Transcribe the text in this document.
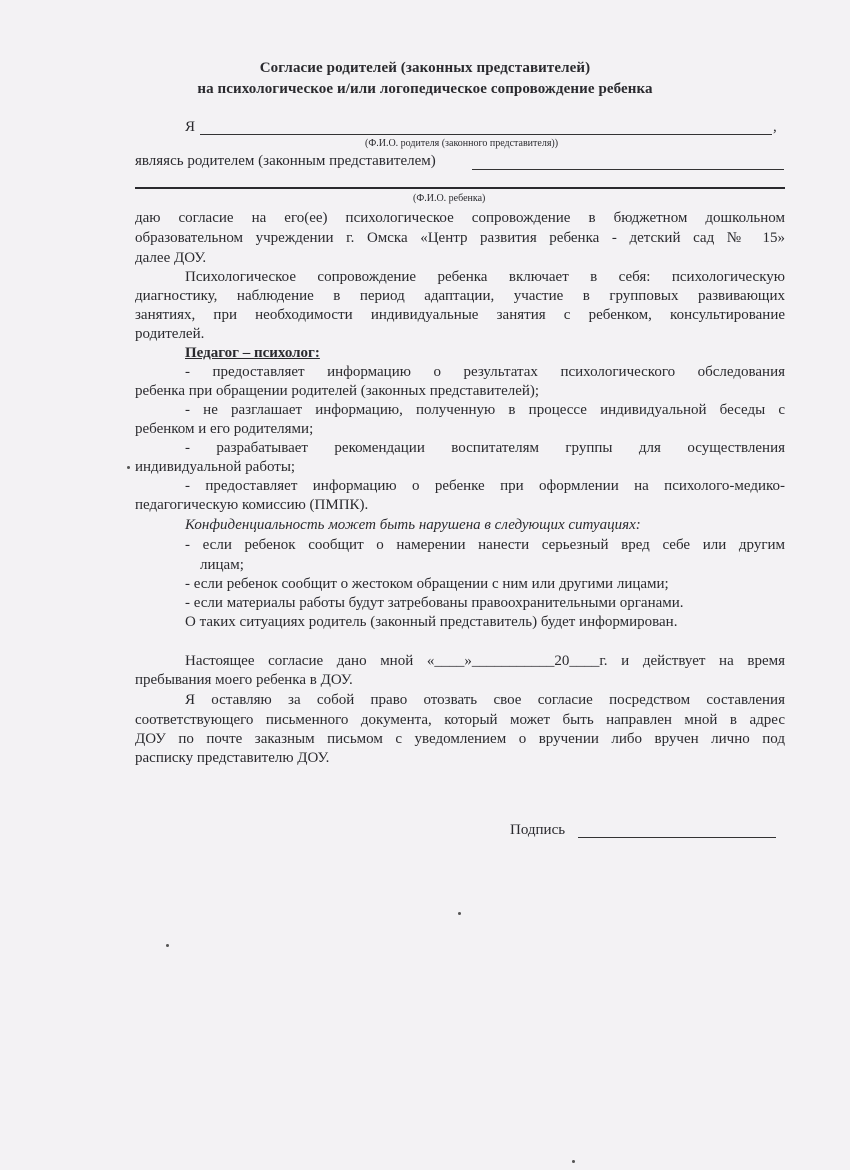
Согласие родителей (законных представителей)
на психологическое и/или логопедическое сопровождение ребенка
Я	,
(Ф.И.О. родителя (законного представителя))
являясь родителем (законным представителем)
(Ф.И.О. ребенка)
даю согласие на его(ее) психологическое сопровождение в бюджетном дошкольном
образовательном учреждении г. Омска «Центр развития ребенка - детский сад № 15»
далее ДОУ.
Психологическое сопровождение ребенка включает в себя: психологическую
диагностику, наблюдение в период адаптации, участие в групповых развивающих
занятиях, при необходимости индивидуальные занятия с ребенком, консультирование
родителей.
Педагог – психолог:
- предоставляет информацию о результатах психологического обследования
ребенка при обращении родителей (законных представителей);
- не разглашает информацию, полученную в процессе индивидуальной беседы с
ребенком и его родителями;
- разрабатывает рекомендации воспитателям группы для осуществления
индивидуальной работы;
- предоставляет информацию о ребенке при оформлении на психолого-медико-
педагогическую комиссию (ПМПК).
Конфиденциальность может быть нарушена в следующих ситуациях:
- если ребенок сообщит о намерении нанести серьезный вред себе или другим
лицам;
- если ребенок сообщит о жестоком обращении с ним или другими лицами;
- если материалы работы будут затребованы правоохранительными органами.
О таких ситуациях родитель (законный представитель) будет информирован.
Настоящее согласие дано мной «____»___________20____г. и действует на время
пребывания моего ребенка в ДОУ.
Я оставляю за собой право отозвать свое согласие посредством составления
соответствующего письменного документа, который может быть направлен мной в адрес
ДОУ по почте заказным письмом с уведомлением о вручении либо вручен лично под
расписку представителю ДОУ.
Подпись
